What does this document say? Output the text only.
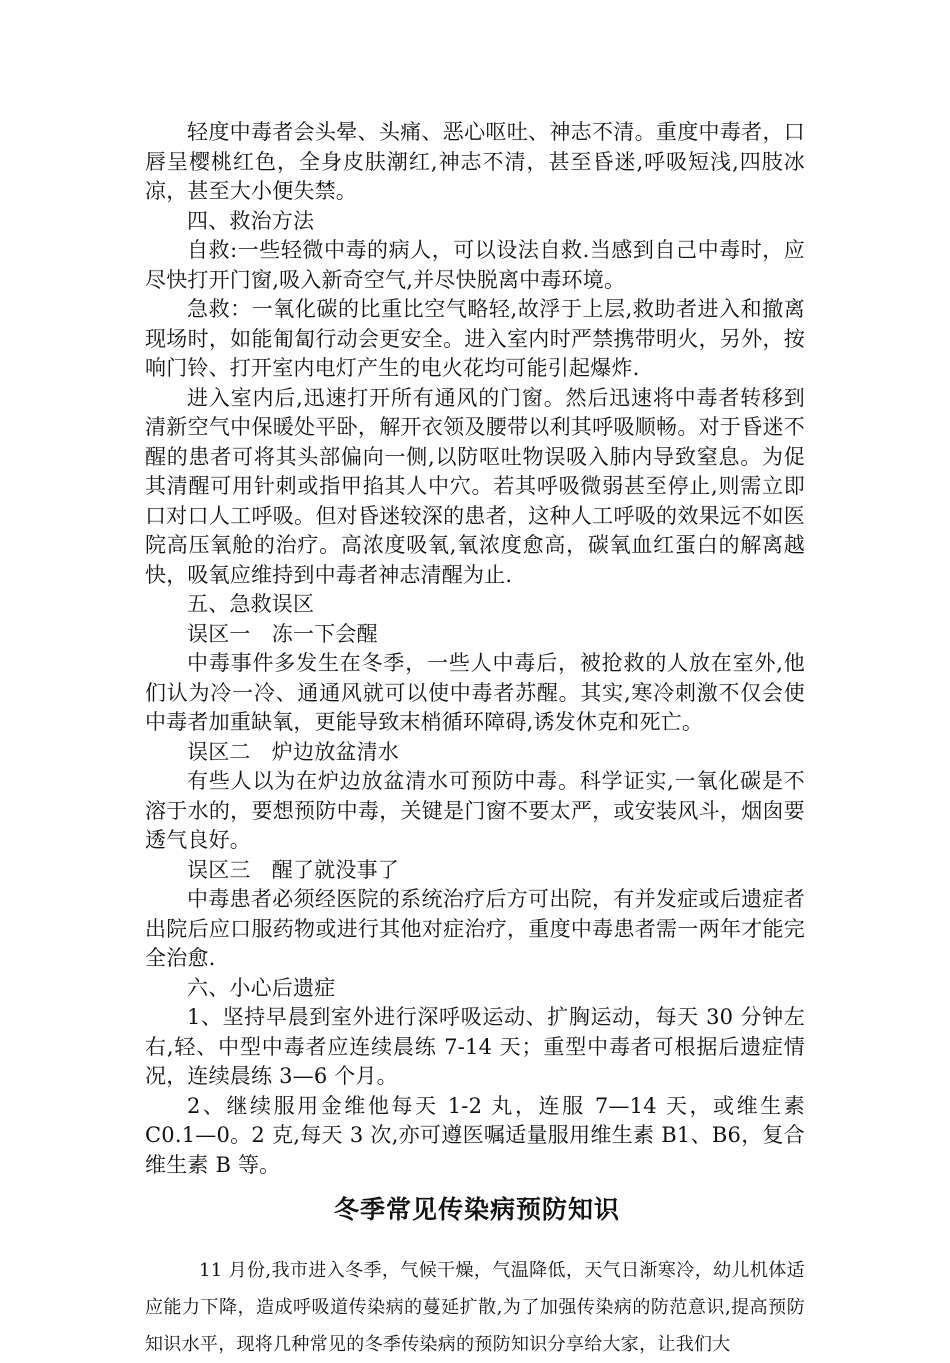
轻度中毒者会头晕、头痛、恶心呕吐、神志不清。重度中毒者，口唇呈樱桃红色，全身皮肤潮红,神志不清，甚至昏迷,呼吸短浅,四肢冰凉，甚至大小便失禁。

四、救治方法

自救:一些轻微中毒的病人，可以设法自救.当感到自己中毒时，应尽快打开门窗,吸入新奇空气,并尽快脱离中毒环境。

急救：一氧化碳的比重比空气略轻,故浮于上层,救助者进入和撤离现场时，如能匍匐行动会更安全。进入室内时严禁携带明火，另外，按响门铃、打开室内电灯产生的电火花均可能引起爆炸.

进入室内后,迅速打开所有通风的门窗。然后迅速将中毒者转移到清新空气中保暖处平卧，解开衣领及腰带以利其呼吸顺畅。对于昏迷不醒的患者可将其头部偏向一侧,以防呕吐物误吸入肺内导致窒息。为促其清醒可用针刺或指甲掐其人中穴。若其呼吸微弱甚至停止,则需立即口对口人工呼吸。但对昏迷较深的患者，这种人工呼吸的效果远不如医院高压氧舱的治疗。高浓度吸氧,氧浓度愈高，碳氧血红蛋白的解离越快，吸氧应维持到中毒者神志清醒为止.

五、急救误区

误区一　冻一下会醒

中毒事件多发生在冬季，一些人中毒后，被抢救的人放在室外,他们认为冷一冷、通通风就可以使中毒者苏醒。其实,寒冷刺激不仅会使中毒者加重缺氧，更能导致末梢循环障碍,诱发休克和死亡。

误区二　炉边放盆清水

有些人以为在炉边放盆清水可预防中毒。科学证实,一氧化碳是不溶于水的，要想预防中毒，关键是门窗不要太严，或安装风斗，烟囱要透气良好。

误区三　醒了就没事了

中毒患者必须经医院的系统治疗后方可出院，有并发症或后遗症者出院后应口服药物或进行其他对症治疗，重度中毒患者需一两年才能完全治愈.

六、小心后遗症

1、坚持早晨到室外进行深呼吸运动、扩胸运动，每天 30 分钟左右,轻、中型中毒者应连续晨练 7-14 天；重型中毒者可根据后遗症情况，连续晨练 3—6 个月。

2、继续服用金维他每天 1-2 丸，连服 7—14 天，或维生素 C0.1—0。2 克,每天 3 次,亦可遵医嘱适量服用维生素 B1、B6，复合维生素 B 等。

冬季常见传染病预防知识

11 月份,我市进入冬季，气候干燥，气温降低，天气日渐寒冷，幼儿机体适应能力下降，造成呼吸道传染病的蔓延扩散,为了加强传染病的防范意识,提高预防知识水平，现将几种常见的冬季传染病的预防知识分享给大家，让我们大
